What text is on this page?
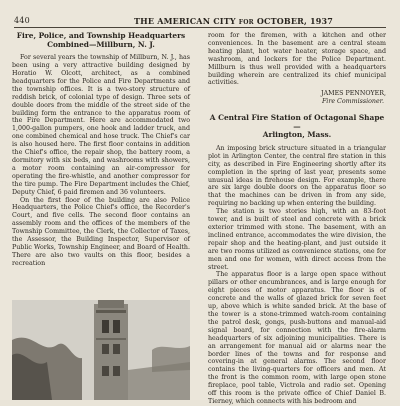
440	THE AMERICAN CITY for OCTOBER, 1937
Fire, Police, and Township Headquarters
Combined—Millburn, N. J.

For several years the township of Millburn, N. J., has been using a very attractive building designed by Horatio W. Olcott, architect, as a combined headquarters for the Police and Fire Departments and the township offices. It is a two-story structure of reddish brick, of colonial type of design. Three sets of double doors from the middle of the street side of the building form the entrance to the apparatus room of the Fire Department. Here are accommodated two 1,000-gallon pumpers, one hook and ladder truck, and one combined chemical and hose truck. The Chief's car is also housed here. The first floor contains in addition the Chief's office, the repair shop, the battery room, a dormitory with six beds, and washrooms with showers, a motor room containing an air-compressor for operating the fire-whistle, and another compressor for the tire pump. The Fire Department includes the Chief, Deputy Chief, 6 paid firemen and 36 volunteers.

On the first floor of the building are also Police Headquarters, the Police Chief's office, the Recorder's Court, and five cells. The second floor contains an assembly room and the offices of the members of the Township Committee, the Clerk, the Collector of Taxes, the Assessor, the Building Inspector, Supervisor of Public Works, Township Engineer, and Board of Health. There are also two vaults on this floor, besides a recreation

room for the firemen, with a kitchen and other conveniences. In the basement are a central steam heating plant, hot water heater, storage space, and washroom, and lockers for the Police Department. Millburn is thus well provided with a headquarters building wherein are centralized its chief municipal activities.

JAMES PENNOYER,
Fire Commissioner.
A Central Fire Station of Octagonal Shape—
Arlington, Mass.

An imposing brick structure situated in a triangular plot in Arlington Center, the central fire station in this city, as described in Fire Engineering shortly after its completion in the spring of last year, presents some unusual ideas in firehouse design. For example, there are six large double doors on the apparatus floor so that the machines can be driven in from any side, requiring no backing up when entering the building.

The station is two stories high, with an 83-foot tower, and is built of steel and concrete with a brick exterior trimmed with stone. The basement, with an inclined entrance, accommodates the wire division, the repair shop and the heating-plant, and just outside it are two rooms utilized as convenience stations, one for men and one for women, with direct access from the street.

The apparatus floor is a large open space without pillars or other encumbrances, and is large enough for eight pieces of motor apparatus. The floor is of concrete and the walls of glazed brick for seven feet up, above which is white sanded brick. At the base of the tower is a stone-trimmed watch-room containing the patrol desk, gongs, push-buttons and manual-aid signal board, for connection with the fire-alarm headquarters of six adjoining municipalities. There is an arrangement for manual aid or alarms near the border lines of the towns and for response and covering-in at general alarms. The second floor contains the living-quarters for officers and men. At the front is the common room, with large open stone fireplace, pool table, Victrola and radio set. Opening off this room is the private office of Chief Daniel B. Tierney, which connects with his bedroom and
